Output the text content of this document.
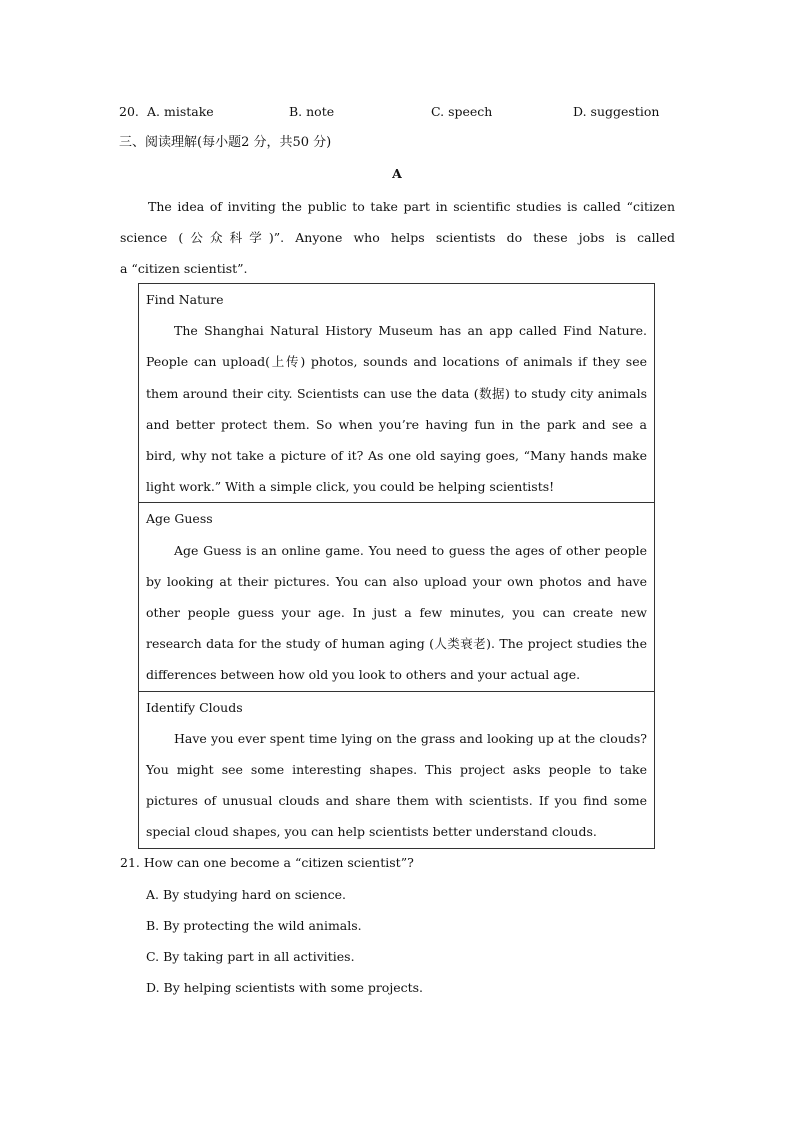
20. A. mistake	B. note	C. speech	D. suggestion
三、阅读理解(每小题2 分，共50 分)
A

The idea of inviting the public to take part in scientific studies is called “citizen science (公众科学)”. Anyone who helps scientists do these jobs is called

a “citizen scientist”.

Find Nature

The Shanghai Natural History Museum has an app called Find Nature. People can upload(上传) photos, sounds and locations of animals if they see them around their city. Scientists can use the data (数据) to study city animals and better protect them. So when you’re having fun in the park and see a bird, why not take a picture of it? As one old saying goes, “Many hands make light work.” With a simple click, you could be helping scientists!

Age Guess

Age Guess is an online game. You need to guess the ages of other people by looking at their pictures. You can also upload your own photos and have other people guess your age. In just a few minutes, you can create new research data for the study of human aging (人类衰老). The project studies the differences between how old you look to others and your actual age.

Identify Clouds

Have you ever spent time lying on the grass and looking up at the clouds? You might see some interesting shapes. This project asks people to take pictures of unusual clouds and share them with scientists. If you find some special cloud shapes, you can help scientists better understand clouds.

21. How can one become a “citizen scientist”?
A. By studying hard on science.
B. By protecting the wild animals.
C. By taking part in all activities.
D. By helping scientists with some projects.
